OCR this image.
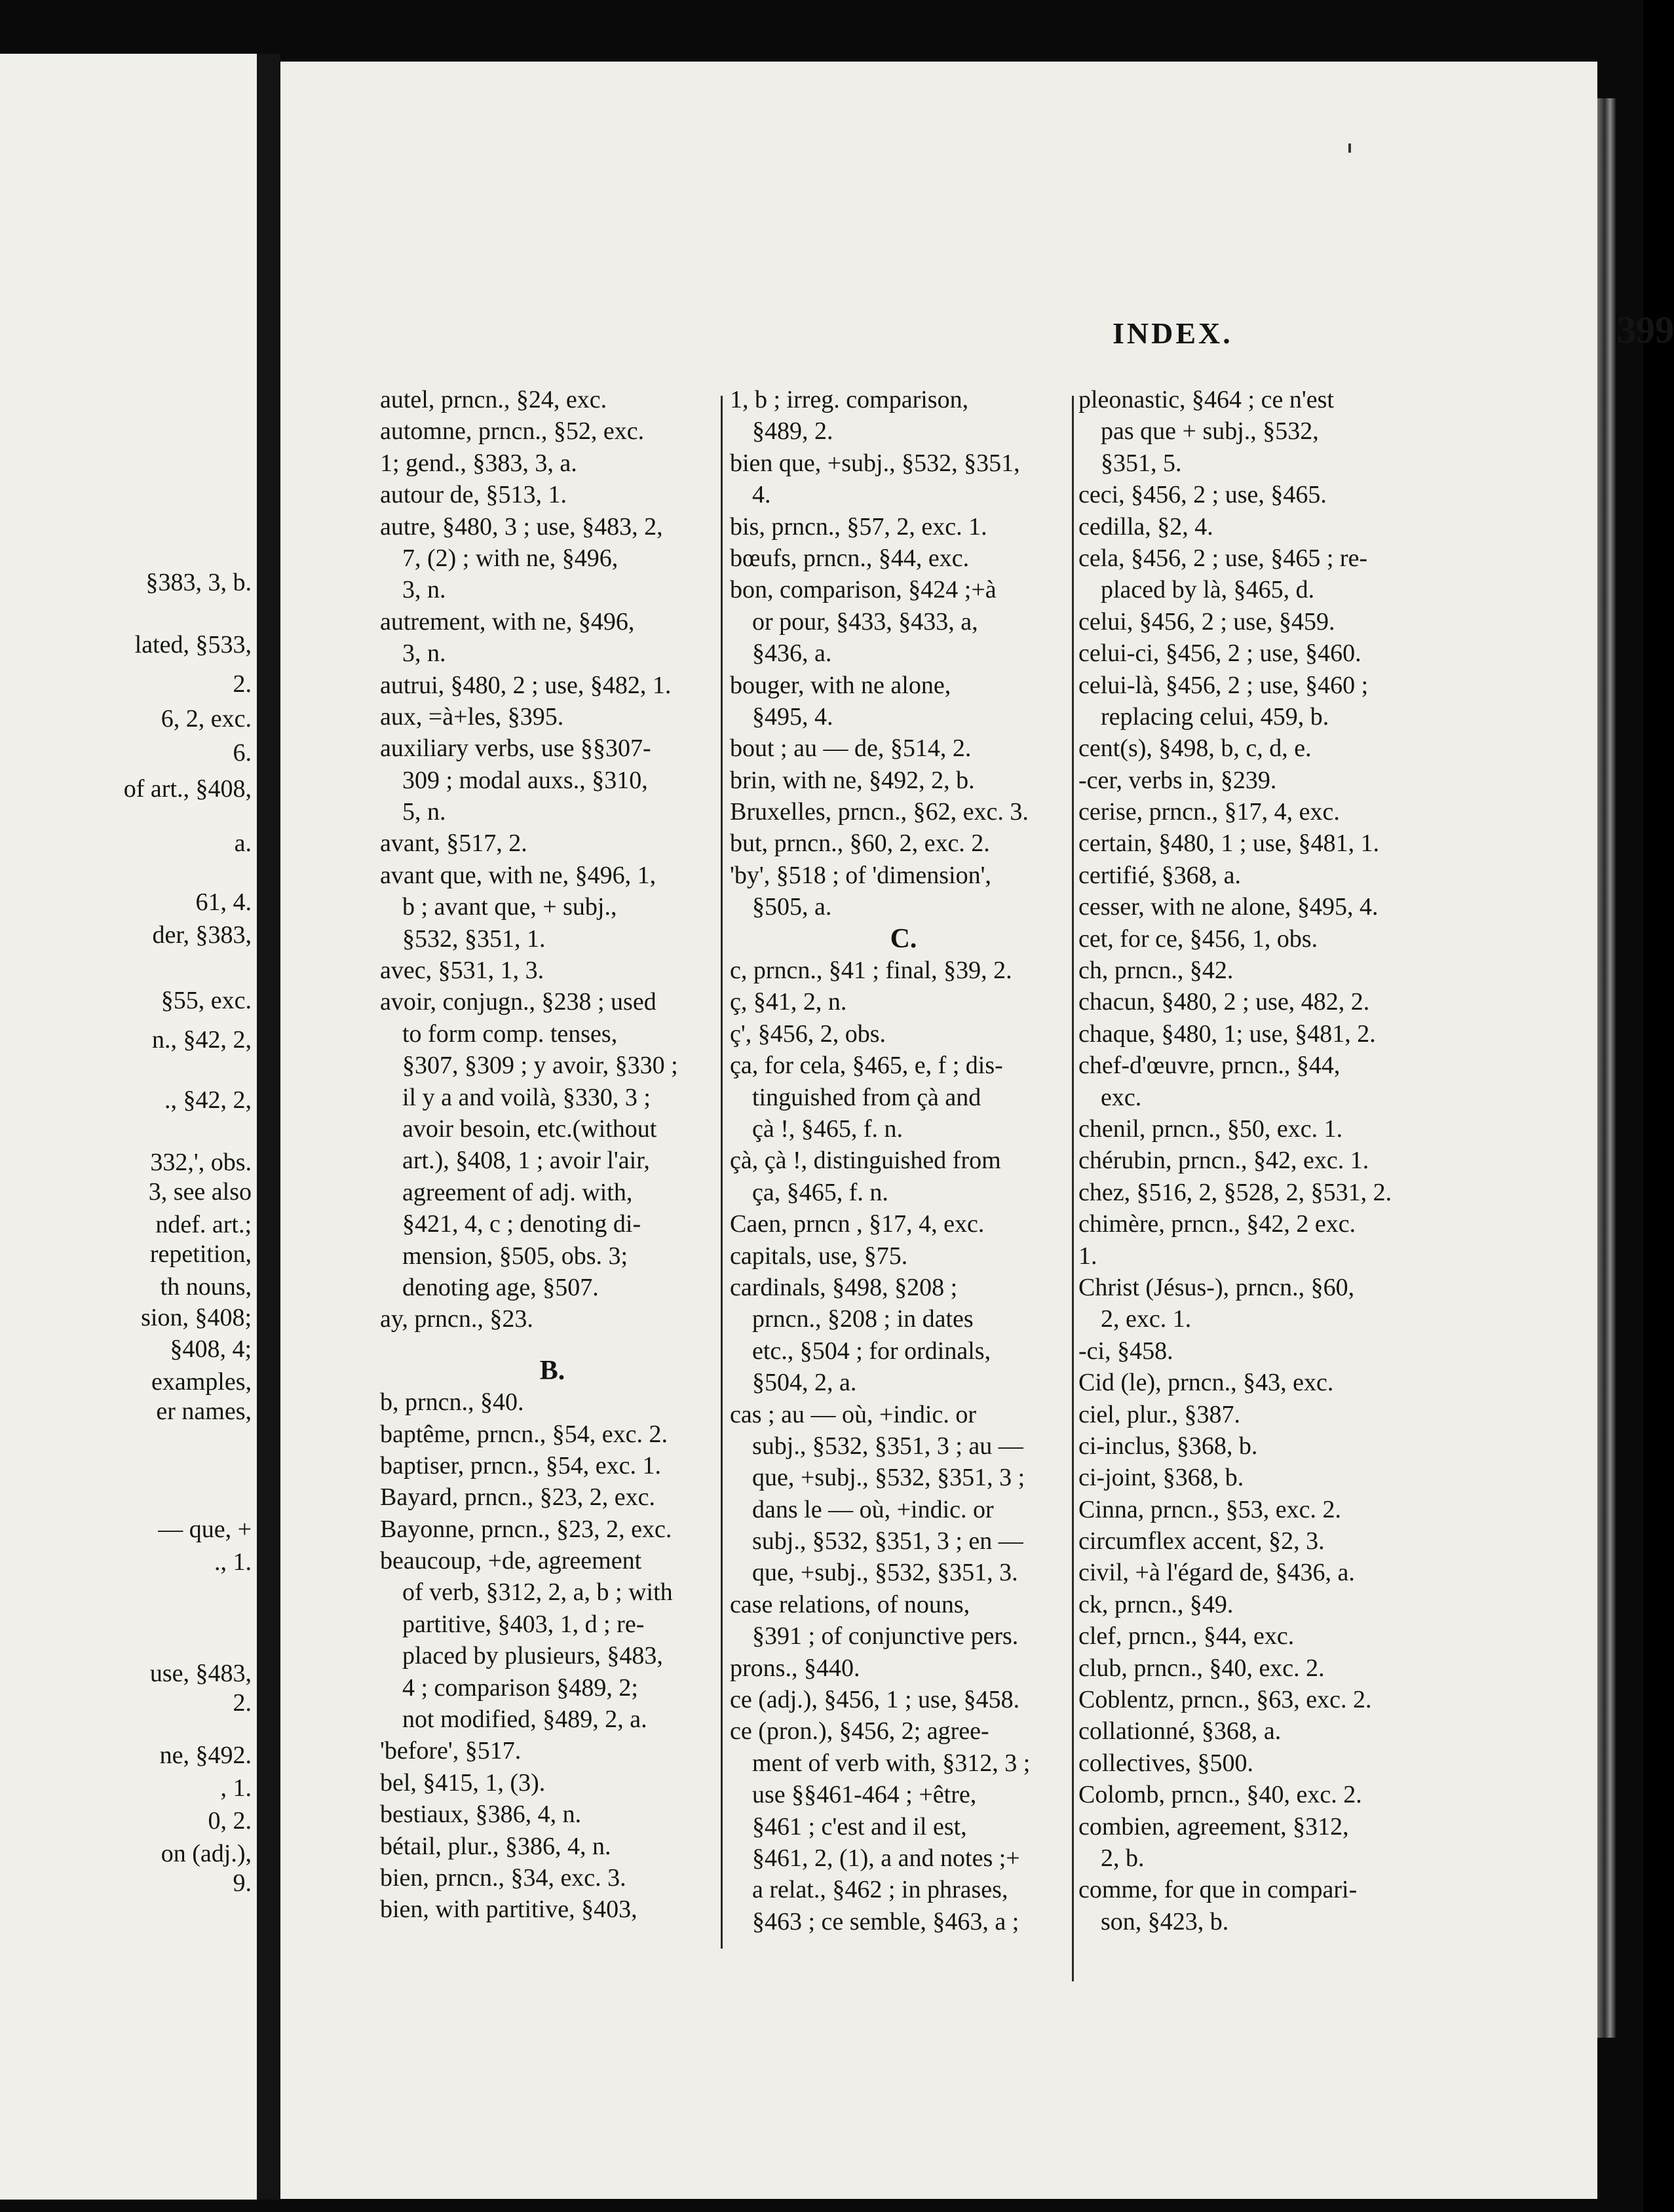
§383, 3, b.
lated, §533,
2.
6, 2, exc.
6.
of art., §408,
a.
61, 4.
der, §383,
§55, exc.
n., §42, 2,
., §42, 2,
332,', obs.
3, see also
ndef. art.;
repetition,
th nouns,
sion, §408;
§408, 4;
examples,
er names,
— que, +
., 1.
use, §483,
2.
ne, §492.
, 1.
0, 2.
on (adj.),
9.
INDEX.	399
autel, prncn., §24, exc.
automne, prncn., §52, exc.
1; gend., §383, 3, a.
autour de, §513, 1.
autre, §480, 3 ; use, §483, 2,
7, (2) ; with ne, §496,
3, n.
autrement, with ne, §496,
3, n.
autrui, §480, 2 ; use, §482, 1.
aux, =à+les, §395.
auxiliary verbs, use §§307-
309 ; modal auxs., §310,
5, n.
avant, §517, 2.
avant que, with ne, §496, 1,
b ; avant que, + subj.,
§532, §351, 1.
avec, §531, 1, 3.
avoir, conjugn., §238 ; used
to form comp. tenses,
§307, §309 ; y avoir, §330 ;
il y a and voilà, §330, 3 ;
avoir besoin, etc.(without
art.), §408, 1 ; avoir l'air,
agreement of adj. with,
§421, 4, c ; denoting di-
mension, §505, obs. 3;
denoting age, §507.
ay, prncn., §23.
B.
b, prncn., §40.
baptême, prncn., §54, exc. 2.
baptiser, prncn., §54, exc. 1.
Bayard, prncn., §23, 2, exc.
Bayonne, prncn., §23, 2, exc.
beaucoup, +de, agreement
of verb, §312, 2, a, b ; with
partitive, §403, 1, d ; re-
placed by plusieurs, §483,
4 ; comparison §489, 2;
not modified, §489, 2, a.
'before', §517.
bel, §415, 1, (3).
bestiaux, §386, 4, n.
bétail, plur., §386, 4, n.
bien, prncn., §34, exc. 3.
bien, with partitive, §403,
1, b ; irreg. comparison,
§489, 2.
bien que, +subj., §532, §351,
4.
bis, prncn., §57, 2, exc. 1.
bœufs, prncn., §44, exc.
bon, comparison, §424 ;+à
or pour, §433, §433, a,
§436, a.
bouger, with ne alone,
§495, 4.
bout ; au — de, §514, 2.
brin, with ne, §492, 2, b.
Bruxelles, prncn., §62, exc. 3.
but, prncn., §60, 2, exc. 2.
'by', §518 ; of 'dimension',
§505, a.
C.
c, prncn., §41 ; final, §39, 2.
ç, §41, 2, n.
ç', §456, 2, obs.
ça, for cela, §465, e, f ; dis-
tinguished from çà and
çà !, §465, f. n.
çà, çà !, distinguished from
ça, §465, f. n.
Caen, prncn , §17, 4, exc.
capitals, use, §75.
cardinals, §498, §208 ;
prncn., §208 ; in dates
etc., §504 ; for ordinals,
§504, 2, a.
cas ; au — où, +indic. or
subj., §532, §351, 3 ; au —
que, +subj., §532, §351, 3 ;
dans le — où, +indic. or
subj., §532, §351, 3 ; en —
que, +subj., §532, §351, 3.
case relations, of nouns,
§391 ; of conjunctive pers.
prons., §440.
ce (adj.), §456, 1 ; use, §458.
ce (pron.), §456, 2; agree-
ment of verb with, §312, 3 ;
use §§461-464 ; +être,
§461 ; c'est and il est,
§461, 2, (1), a and notes ;+
a relat., §462 ; in phrases,
§463 ; ce semble, §463, a ;
pleonastic, §464 ; ce n'est
pas que + subj., §532,
§351, 5.
ceci, §456, 2 ; use, §465.
cedilla, §2, 4.
cela, §456, 2 ; use, §465 ; re-
placed by là, §465, d.
celui, §456, 2 ; use, §459.
celui-ci, §456, 2 ; use, §460.
celui-là, §456, 2 ; use, §460 ;
replacing celui, 459, b.
cent(s), §498, b, c, d, e.
-cer, verbs in, §239.
cerise, prncn., §17, 4, exc.
certain, §480, 1 ; use, §481, 1.
certifié, §368, a.
cesser, with ne alone, §495, 4.
cet, for ce, §456, 1, obs.
ch, prncn., §42.
chacun, §480, 2 ; use, 482, 2.
chaque, §480, 1; use, §481, 2.
chef-d'œuvre, prncn., §44,
exc.
chenil, prncn., §50, exc. 1.
chérubin, prncn., §42, exc. 1.
chez, §516, 2, §528, 2, §531, 2.
chimère, prncn., §42, 2 exc.
1.
Christ (Jésus-), prncn., §60,
2, exc. 1.
-ci, §458.
Cid (le), prncn., §43, exc.
ciel, plur., §387.
ci-inclus, §368, b.
ci-joint, §368, b.
Cinna, prncn., §53, exc. 2.
circumflex accent, §2, 3.
civil, +à l'égard de, §436, a.
ck, prncn., §49.
clef, prncn., §44, exc.
club, prncn., §40, exc. 2.
Coblentz, prncn., §63, exc. 2.
collationné, §368, a.
collectives, §500.
Colomb, prncn., §40, exc. 2.
combien, agreement, §312,
2, b.
comme, for que in compari-
son, §423, b.
